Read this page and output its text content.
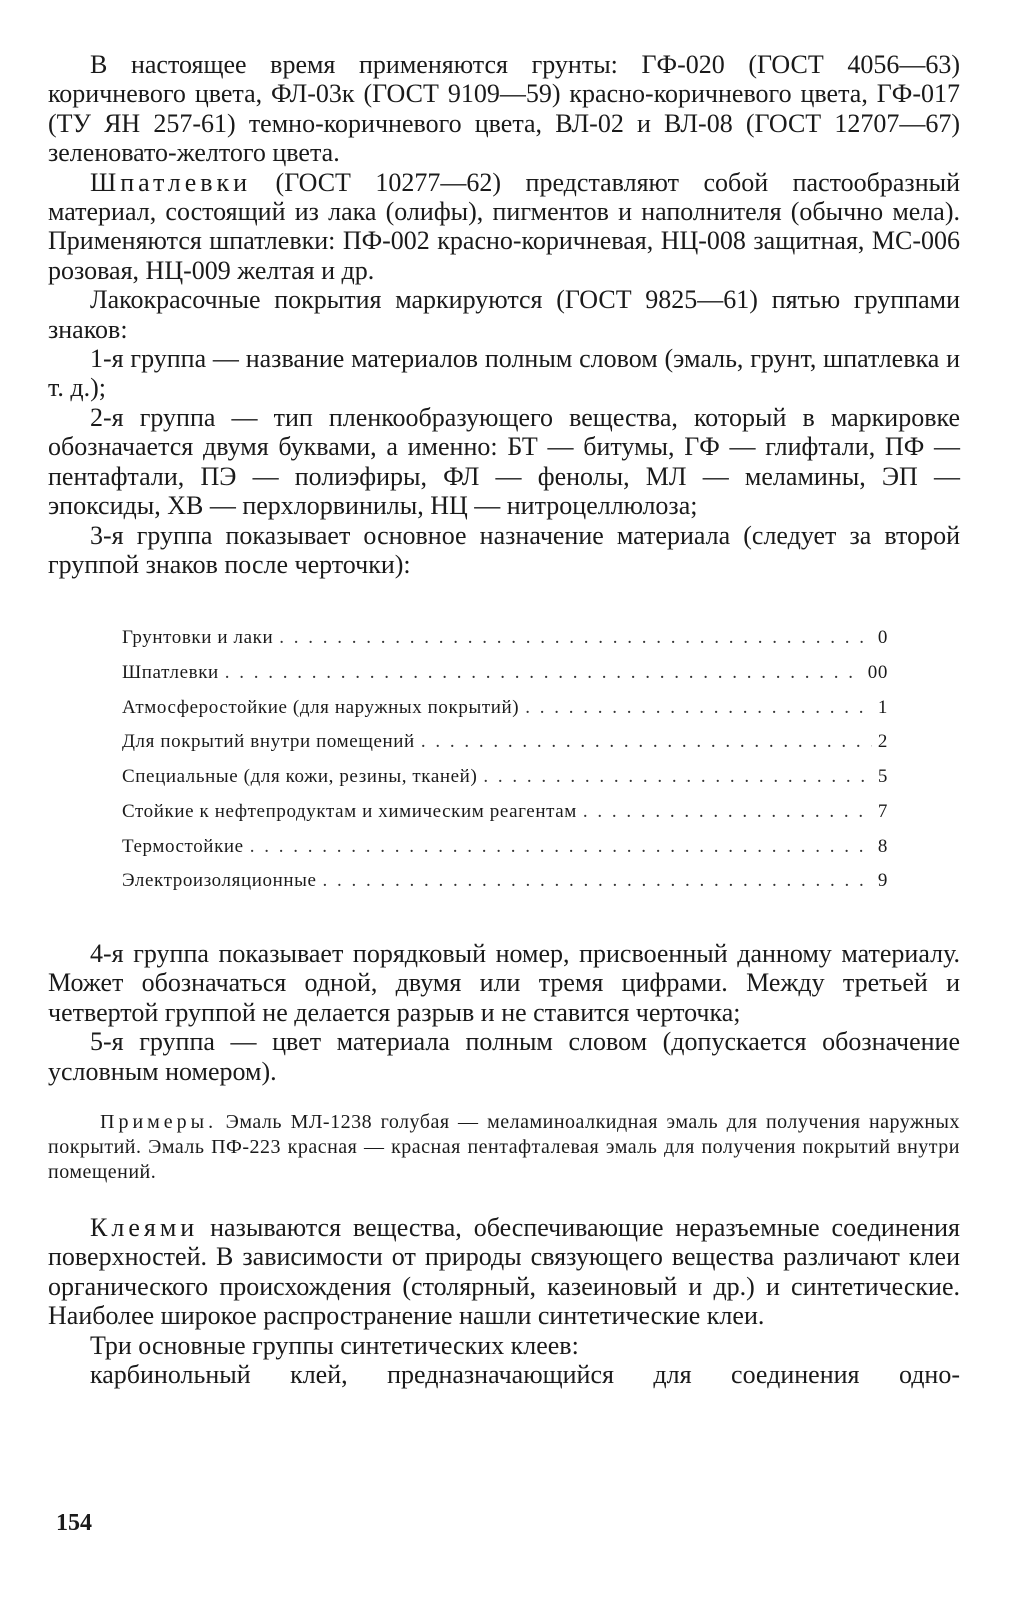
В настоящее время применяются грунты: ГФ-020 (ГОСТ 4056—63) коричневого цвета, ФЛ-03к (ГОСТ 9109—59) красно-коричневого цвета, ГФ-017 (ТУ ЯН 257-61) темно-коричневого цвета, ВЛ-02 и ВЛ-08 (ГОСТ 12707—67) зеленовато-желтого цвета.

Шпатлевки (ГОСТ 10277—62) представляют собой пастообразный материал, состоящий из лака (олифы), пигментов и наполнителя (обычно мела). Применяются шпатлевки: ПФ-002 красно-коричневая, НЦ-008 защитная, МС-006 розовая, НЦ-009 желтая и др.

Лакокрасочные покрытия маркируются (ГОСТ 9825—61) пятью группами знаков:

1-я группа — название материалов полным словом (эмаль, грунт, шпатлевка и т. д.);

2-я группа — тип пленкообразующего вещества, который в маркировке обозначается двумя буквами, а именно: БТ — битумы, ГФ — глифтали, ПФ — пентафтали, ПЭ — полиэфиры, ФЛ — фенолы, МЛ — меламины, ЭП — эпоксиды, ХВ — перхлорвинилы, НЦ — нитроцеллюлоза;

3-я группа показывает основное назначение материала (следует за второй группой знаков после черточки):

Грунтовки и лаки . . .	0
Шпатлевки . . .	00
Атмосферостойкие (для наружных покрытий) . . .	1
Для покрытий внутри помещений . . .	2
Специальные (для кожи, резины, тканей) . . .	5
Стойкие к нефтепродуктам и химическим реагентам . . .	7
Термостойкие . . .	8
Электроизоляционные . . .	9

4-я группа показывает порядковый номер, присвоенный данному материалу. Может обозначаться одной, двумя или тремя цифрами. Между третьей и четвертой группой не делается разрыв и не ставится черточка;

5-я группа — цвет материала полным словом (допускается обозначение условным номером).

Примеры. Эмаль МЛ-1238 голубая — меламиноалкидная эмаль для получения наружных покрытий. Эмаль ПФ-223 красная — красная пентафталевая эмаль для получения покрытий внутри помещений.

Клеями называются вещества, обеспечивающие неразъемные соединения поверхностей. В зависимости от природы связующего вещества различают клеи органического происхождения (столярный, казеиновый и др.) и синтетические. Наиболее широкое распространение нашли синтетические клеи.

Три основные группы синтетических клеев:

карбинольный клей, предназначающийся для соединения одно-

154
